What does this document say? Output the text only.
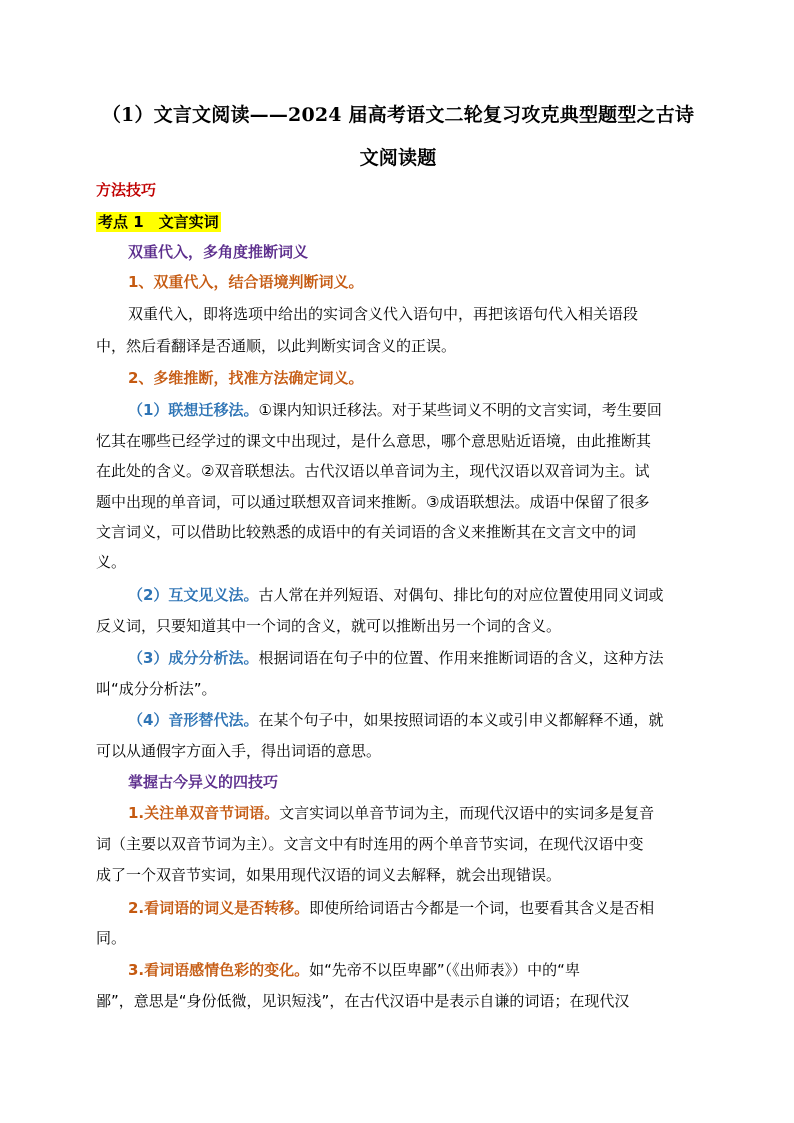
（1）文言文阅读——2024 届高考语文二轮复习攻克典型题型之古诗
文阅读题
方法技巧
考点 1　文言实词
双重代入，多角度推断词义
1、双重代入，结合语境判断词义。
双重代入，即将选项中给出的实词含义代入语句中，再把该语句代入相关语段
中，然后看翻译是否通顺，以此判断实词含义的正误。
2、多维推断，找准方法确定词义。
（1）联想迁移法。①课内知识迁移法。对于某些词义不明的文言实词，考生要回
忆其在哪些已经学过的课文中出现过，是什么意思，哪个意思贴近语境，由此推断其
在此处的含义。②双音联想法。古代汉语以单音词为主，现代汉语以双音词为主。试
题中出现的单音词，可以通过联想双音词来推断。③成语联想法。成语中保留了很多
文言词义，可以借助比较熟悉的成语中的有关词语的含义来推断其在文言文中的词
义。
（2）互文见义法。古人常在并列短语、对偶句、排比句的对应位置使用同义词或
反义词，只要知道其中一个词的含义，就可以推断出另一个词的含义。
（3）成分分析法。根据词语在句子中的位置、作用来推断词语的含义，这种方法
叫“成分分析法”。
（4）音形替代法。在某个句子中，如果按照词语的本义或引申义都解释不通，就
可以从通假字方面入手，得出词语的意思。
掌握古今异义的四技巧
1.关注单双音节词语。文言实词以单音节词为主，而现代汉语中的实词多是复音
词（主要以双音节词为主）。文言文中有时连用的两个单音节实词，在现代汉语中变
成了一个双音节实词，如果用现代汉语的词义去解释，就会出现错误。
2.看词语的词义是否转移。即使所给词语古今都是一个词，也要看其含义是否相
同。
3.看词语感情色彩的变化。如“先帝不以臣卑鄙”（《出师表》）中的“卑
鄙”，意思是“身份低微，见识短浅”，在古代汉语中是表示自谦的词语；在现代汉
